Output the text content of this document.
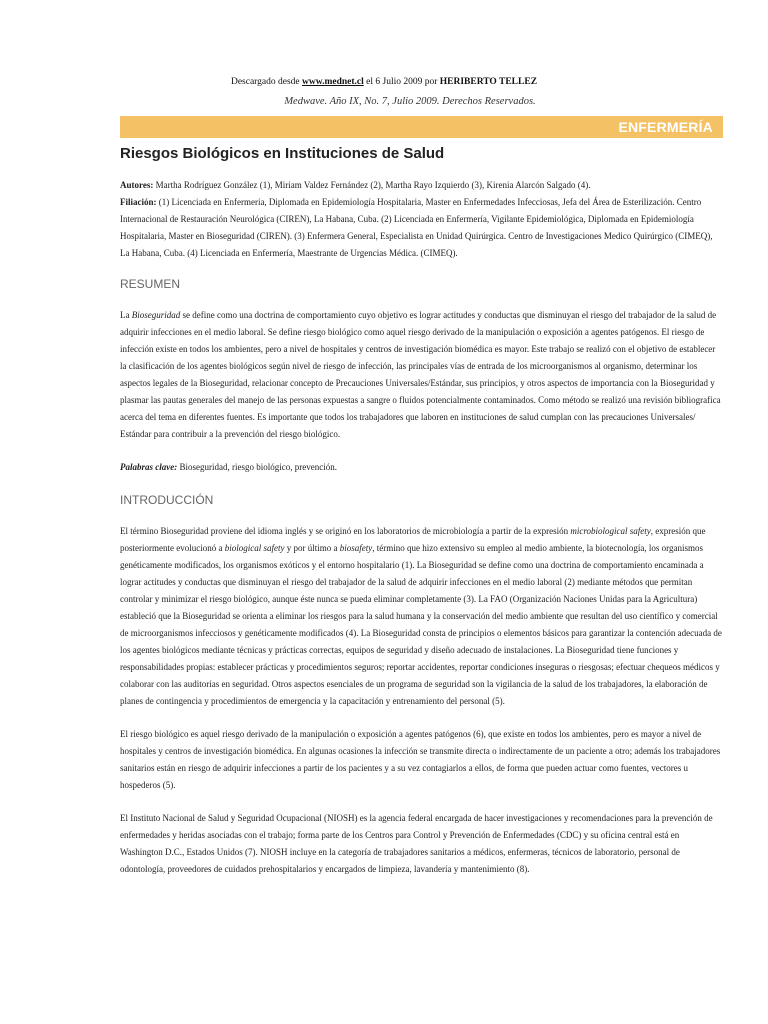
Descargado desde www.mednet.cl el 6 Julio 2009 por HERIBERTO TELLEZ
Medwave. Año IX, No. 7, Julio 2009. Derechos Reservados.
ENFERMERÍA
Riesgos Biológicos en Instituciones de Salud

Autores: Martha Rodríguez González (1), Miriam Valdez Fernández (2), Martha Rayo Izquierdo (3), Kirenia Alarcón Salgado (4).

Filiación: (1) Licenciada en Enfermería, Diplomada en Epidemiología Hospitalaria, Master en Enfermedades Infecciosas, Jefa del Área de Esterilización. Centro Internacional de Restauración Neurológica (CIREN), La Habana, Cuba. (2) Licenciada en Enfermería, Vigilante Epidemiológica, Diplomada en Epidemiología Hospitalaria, Master en Bioseguridad (CIREN). (3) Enfermera General, Especialista en Unidad Quirúrgica. Centro de Investigaciones Medico Quirúrgico (CIMEQ), La Habana, Cuba. (4) Licenciada en Enfermería, Maestrante de Urgencias Médica. (CIMEQ).

RESUMEN

La Bioseguridad se define como una doctrina de comportamiento cuyo objetivo es lograr actitudes y conductas que disminuyan el riesgo del trabajador de la salud de adquirir infecciones en el medio laboral. Se define riesgo biológico como aquel riesgo derivado de la manipulación o exposición a agentes patógenos. El riesgo de infección existe en todos los ambientes, pero a nivel de hospitales y centros de investigación biomédica es mayor. Este trabajo se realizó con el objetivo de establecer la clasificación de los agentes biológicos según nivel de riesgo de infección, las principales vías de entrada de los microorganismos al organismo, determinar los aspectos legales de la Bioseguridad, relacionar concepto de Precauciones Universales/Estándar, sus principios, y otros aspectos de importancia con la Bioseguridad y plasmar las pautas generales del manejo de las personas expuestas a sangre o fluidos potencialmente contaminados. Como método se realizó una revisión bibliografica acerca del tema en diferentes fuentes. Es importante que todos los trabajadores que laboren en instituciones de salud cumplan con las precauciones Universales/ Estándar para contribuir a la prevención del riesgo biológico.

Palabras clave: Bioseguridad, riesgo biológico, prevención.

INTRODUCCIÓN

El término Bioseguridad proviene del idioma inglés y se originó en los laboratorios de microbiología a partir de la expresión microbiological safety, expresión que posteriormente evolucionó a biological safety y por último a biosafety, término que hizo extensivo su empleo al medio ambiente, la biotecnología, los organismos genéticamente modificados, los organismos exóticos y el entorno hospitalario (1). La Bioseguridad se define como una doctrina de comportamiento encaminada a lograr actitudes y conductas que disminuyan el riesgo del trabajador de la salud de adquirir infecciones en el medio laboral (2) mediante métodos que permitan controlar y minimizar el riesgo biológico, aunque éste nunca se pueda eliminar completamente (3). La FAO (Organización Naciones Unidas para la Agricultura) estableció que la Bioseguridad se orienta a eliminar los riesgos para la salud humana y la conservación del medio ambiente que resultan del uso científico y comercial de microorganismos infecciosos y genéticamente modificados (4). La Bioseguridad consta de principios o elementos básicos para garantizar la contención adecuada de los agentes biológicos mediante técnicas y prácticas correctas, equipos de seguridad y diseño adecuado de instalaciones. La Bioseguridad tiene funciones y responsabilidades propias: establecer prácticas y procedimientos seguros; reportar accidentes, reportar condiciones inseguras o riesgosas; efectuar chequeos médicos y colaborar con las auditorías en seguridad. Otros aspectos esenciales de un programa de seguridad son la vigilancia de la salud de los trabajadores, la elaboración de planes de contingencia y procedimientos de emergencia y la capacitación y entrenamiento del personal (5).

El riesgo biológico es aquel riesgo derivado de la manipulación o exposición a agentes patógenos (6), que existe en todos los ambientes, pero es mayor a nivel de hospitales y centros de investigación biomédica. En algunas ocasiones la infección se transmite directa o indirectamente de un paciente a otro; además los trabajadores sanitarios están en riesgo de adquirir infecciones a partir de los pacientes y a su vez contagiarlos a ellos, de forma que pueden actuar como fuentes, vectores u hospederos (5).

El Instituto Nacional de Salud y Seguridad Ocupacional (NIOSH) es la agencia federal encargada de hacer investigaciones y recomendaciones para la prevención de enfermedades y heridas asociadas con el trabajo; forma parte de los Centros para Control y Prevención de Enfermedades (CDC) y su oficina central está en Washington D.C., Estados Unidos (7). NIOSH incluye en la categoría de trabajadores sanitarios a médicos, enfermeras, técnicos de laboratorio, personal de odontología, proveedores de cuidados prehospitalarios y encargados de limpieza, lavandería y mantenimiento (8).
